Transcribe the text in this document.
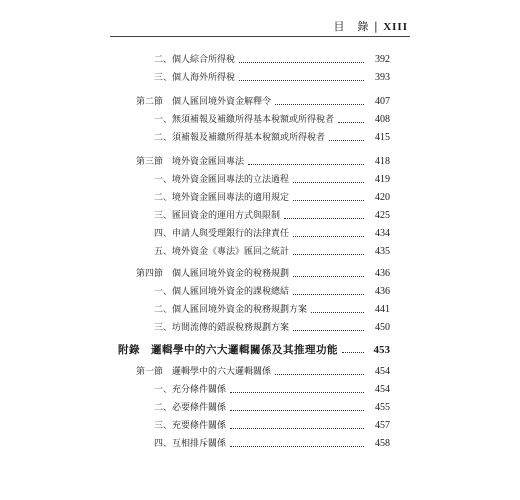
目　錄 | XIII
二、個人綜合所得稅	392
三、個人海外所得稅	393
第二節　個人匯回境外資金解釋令	407
一、無須補報及補繳所得基本稅額或所得稅者	408
二、須補報及補繳所得基本稅額或所得稅者	415
第三節　境外資金匯回專法	418
一、境外資金匯回專法的立法過程	419
二、境外資金匯回專法的適用規定	420
三、匯回資金的運用方式與限制	425
四、申請人與受理銀行的法律責任	434
五、境外資金《專法》匯回之統計	435
第四節　個人匯回境外資金的稅務規劃	436
一、個人匯回境外資金的課稅總結	436
二、個人匯回境外資金的稅務規劃方案	441
三、坊間流傳的錯誤稅務規劃方案	450
附錄　邏輯學中的六大邏輯關係及其推理功能	453
第一節　邏輯學中的六大邏輯關係	454
一、充分條件關係	454
二、必要條件關係	455
三、充要條件關係	457
四、互相排斥關係	458
